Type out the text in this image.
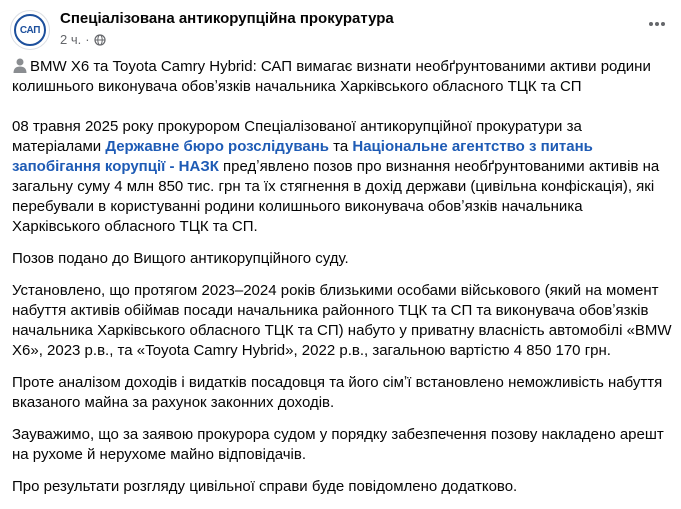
САП
Спеціалізована антикорупційна прокуратура
2 ч. ·

BMW X6 та Toyota Camry Hybrid: САП вимагає визнати необґрунтованими активи родини колишнього виконувача обовʼязків начальника Харківського обласного ТЦК та СП

08 травня 2025 року прокурором Спеціалізованої антикорупційної прокуратури за матеріалами Державне бюро розслідувань та Національне агентство з питань запобігання корупції - НАЗК предʼявлено позов про визнання необґрунтованими активів на загальну суму 4 млн 850 тис. грн та їх стягнення в дохід держави (цивільна конфіскація), які перебували в користуванні родини колишнього виконувача обовʼязків начальника Харківського обласного ТЦК та СП.

Позов подано до Вищого антикорупційного суду.

Установлено, що протягом 2023–2024 років близькими особами військового (який на момент набуття активів обіймав посади начальника районного ТЦК та СП та виконувача обовʼязків начальника Харківського обласного ТЦК та СП) набуто у приватну власність автомобілі «BMW Х6», 2023 р.в., та «Toyota Camry Hybrid», 2022 р.в., загальною вартістю 4 850 170 грн.

Проте аналізом доходів і видатків посадовця та його сімʼї встановлено неможливість набуття вказаного майна за рахунок законних доходів.

Зауважимо, що за заявою прокурора судом у порядку забезпечення позову накладено арешт на рухоме й нерухоме майно відповідачів.

Про результати розгляду цивільної справи буде повідомлено додатково.
